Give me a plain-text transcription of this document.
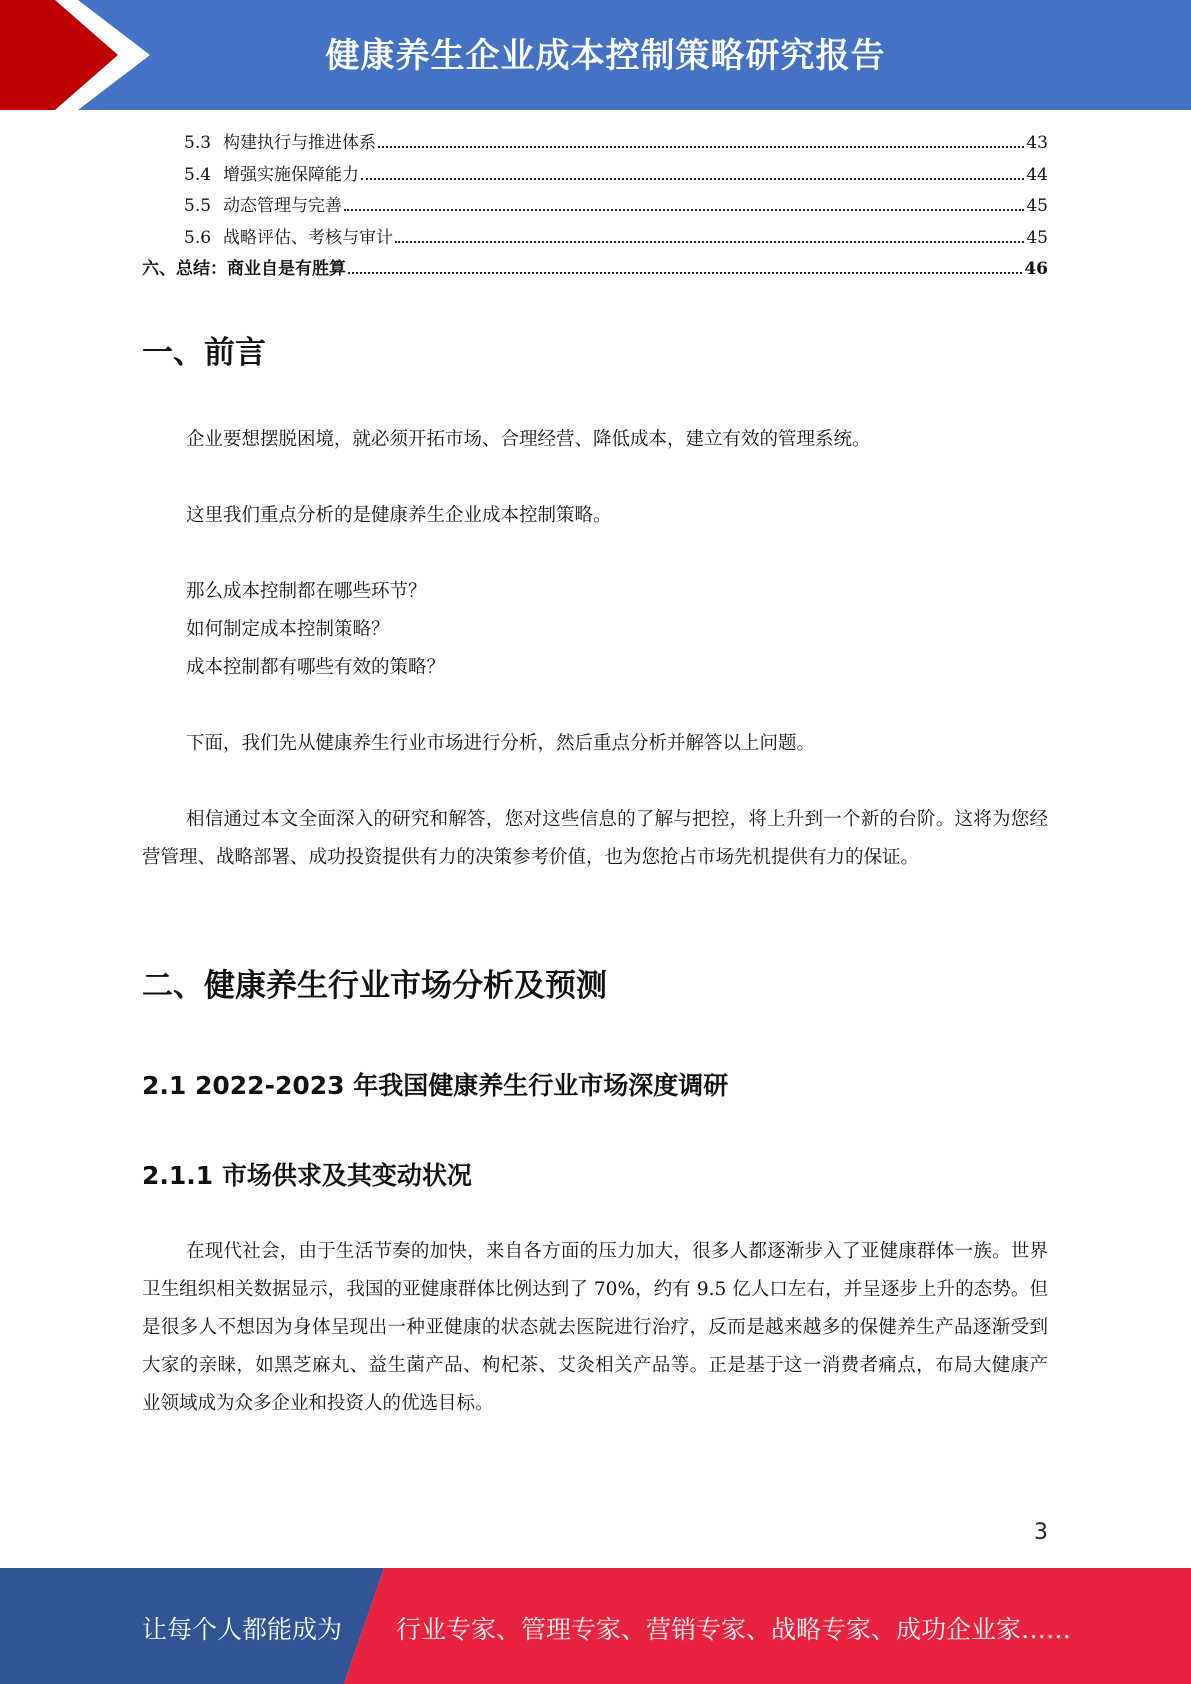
健康养生企业成本控制策略研究报告
5.3 构建执行与推进体系	43
5.4 增强实施保障能力	44
5.5 动态管理与完善	45
5.6 战略评估、考核与审计	45
六、总结：商业自是有胜算	46
一、前言
企业要想摆脱困境，就必须开拓市场、合理经营、降低成本，建立有效的管理系统。
这里我们重点分析的是健康养生企业成本控制策略。
那么成本控制都在哪些环节？
如何制定成本控制策略？
成本控制都有哪些有效的策略？
下面，我们先从健康养生行业市场进行分析，然后重点分析并解答以上问题。
相信通过本文全面深入的研究和解答，您对这些信息的了解与把控，将上升到一个新的台阶。这将为您经营管理、战略部署、成功投资提供有力的决策参考价值，也为您抢占市场先机提供有力的保证。
二、健康养生行业市场分析及预测
2.1 2022-2023 年我国健康养生行业市场深度调研
2.1.1 市场供求及其变动状况
在现代社会，由于生活节奏的加快，来自各方面的压力加大，很多人都逐渐步入了亚健康群体一族。世界卫生组织相关数据显示，我国的亚健康群体比例达到了 70%，约有 9.5 亿人口左右，并呈逐步上升的态势。但是很多人不想因为身体呈现出一种亚健康的状态就去医院进行治疗，反而是越来越多的保健养生产品逐渐受到大家的亲睐，如黑芝麻丸、益生菌产品、枸杞茶、艾灸相关产品等。正是基于这一消费者痛点，布局大健康产业领域成为众多企业和投资人的优选目标。
3
让每个人都能成为 行业专家、管理专家、营销专家、战略专家、成功企业家……
